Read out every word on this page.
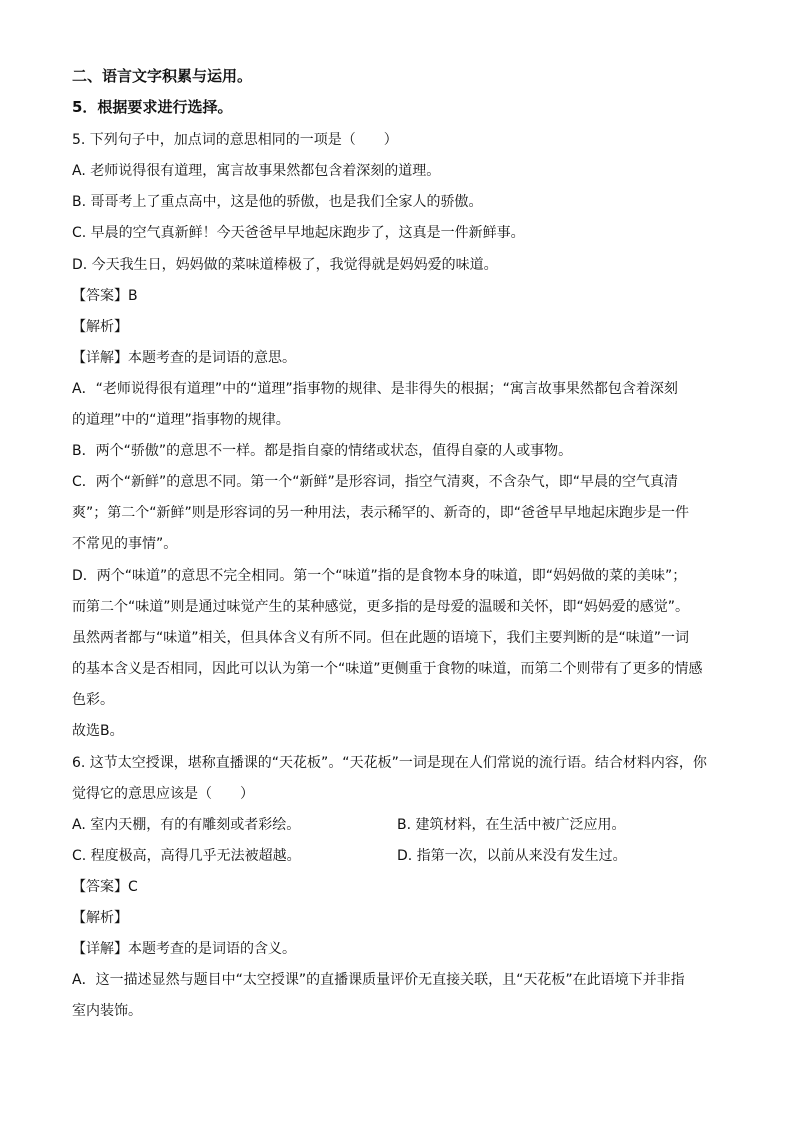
二、语言文字积累与运用。
5．根据要求进行选择。
5. 下列句子中，加点词的意思相同的一项是（　　）
A. 老师说得很有道理，寓言故事果然都包含着深刻的道理。
B. 哥哥考上了重点高中，这是他的骄傲，也是我们全家人的骄傲。
C. 早晨的空气真新鲜！今天爸爸早早地起床跑步了，这真是一件新鲜事。
D. 今天我生日，妈妈做的菜味道棒极了，我觉得就是妈妈爱的味道。
【答案】B
【解析】
【详解】本题考查的是词语的意思。
A．“老师说得很有道理”中的“道理”指事物的规律、是非得失的根据；“寓言故事果然都包含着深刻
的道理”中的“道理”指事物的规律。
B．两个“骄傲”的意思不一样。都是指自豪的情绪或状态，值得自豪的人或事物。
C．两个“新鲜”的意思不同。第一个“新鲜”是形容词，指空气清爽，不含杂气，即“早晨的空气真清
爽”；第二个“新鲜”则是形容词的另一种用法，表示稀罕的、新奇的，即“爸爸早早地起床跑步是一件
不常见的事情”。
D．两个“味道”的意思不完全相同。第一个“味道”指的是食物本身的味道，即“妈妈做的菜的美味”；
而第二个“味道”则是通过味觉产生的某种感觉，更多指的是母爱的温暖和关怀，即“妈妈爱的感觉”。
虽然两者都与“味道”相关，但具体含义有所不同。但在此题的语境下，我们主要判断的是“味道”一词
的基本含义是否相同，因此可以认为第一个“味道”更侧重于食物的味道，而第二个则带有了更多的情感
色彩。
故选B。
6. 这节太空授课，堪称直播课的“天花板”。“天花板”一词是现在人们常说的流行语。结合材料内容，你
觉得它的意思应该是（　　）
A. 室内天棚，有的有雕刻或者彩绘。	B. 建筑材料，在生活中被广泛应用。
C. 程度极高，高得几乎无法被超越。	D. 指第一次，以前从来没有发生过。
【答案】C
【解析】
【详解】本题考查的是词语的含义。
A．这一描述显然与题目中“太空授课”的直播课质量评价无直接关联，且“天花板”在此语境下并非指
室内装饰。
